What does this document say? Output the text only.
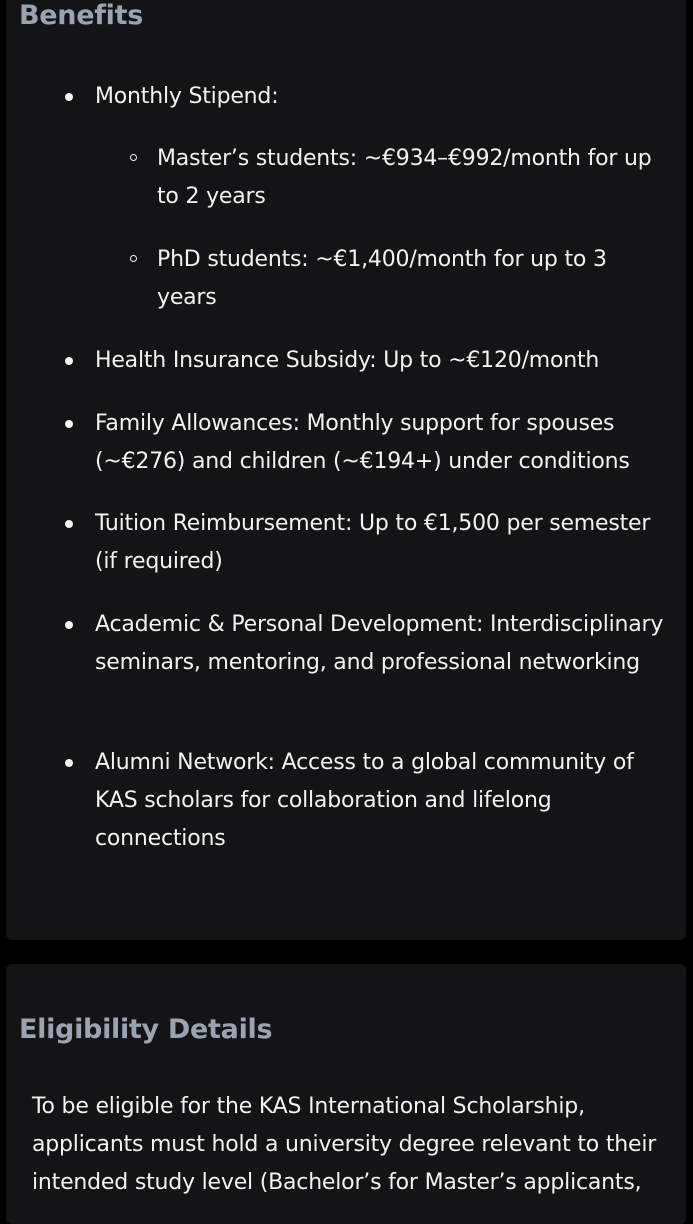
Benefits
Monthly Stipend:
Master’s students: ~€934–€992/month for up to 2 years
PhD students: ~€1,400/month for up to 3 years
Health Insurance Subsidy: Up to ~€120/month
Family Allowances: Monthly support for spouses (~€276) and children (~€194+) under conditions
Tuition Reimbursement: Up to €1,500 per semester (if required)
Academic & Personal Development: Interdisciplinary seminars, mentoring, and professional networking
Alumni Network: Access to a global community of KAS scholars for collaboration and lifelong connections
Eligibility Details

To be eligible for the KAS International Scholarship, applicants must hold a university degree relevant to their intended study level (Bachelor’s for Master’s applicants,
